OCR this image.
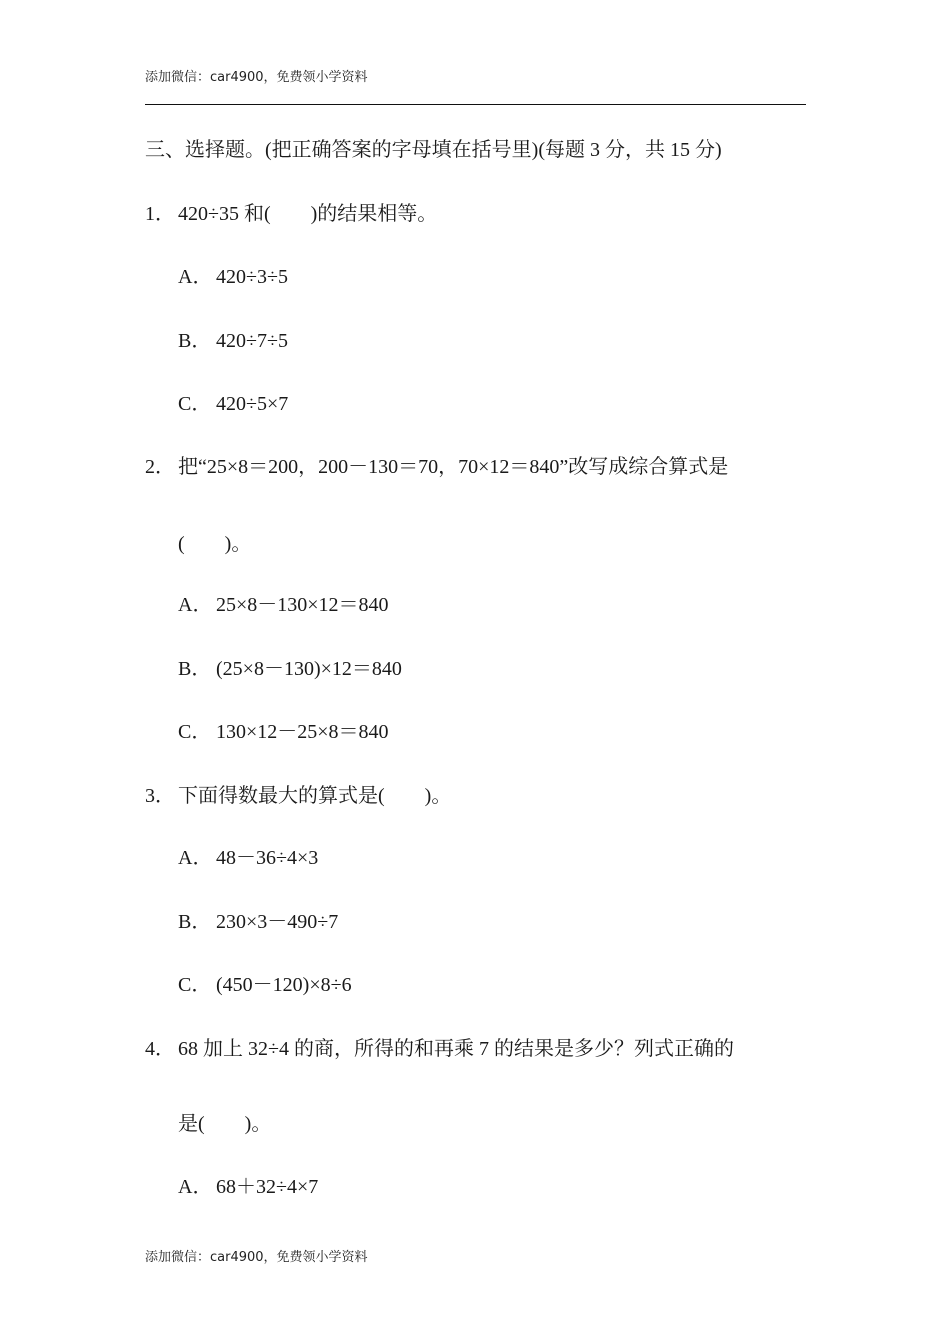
添加微信：car4900，免费领小学资料
三、选择题。(把正确答案的字母填在括号里)(每题 3 分，共 15 分)
1． 420÷35 和(　　)的结果相等。
A． 420÷3÷5
B． 420÷7÷5
C． 420÷5×7
2． 把“25×8＝200，200－130＝70，70×12＝840”改写成综合算式是
(　　)。
A． 25×8－130×12＝840
B． (25×8－130)×12＝840
C． 130×12－25×8＝840
3． 下面得数最大的算式是(　　)。
A． 48－36÷4×3
B． 230×3－490÷7
C． (450－120)×8÷6
4． 68 加上 32÷4 的商，所得的和再乘 7 的结果是多少？列式正确的
是(　　)。
A． 68＋32÷4×7
添加微信：car4900，免费领小学资料
